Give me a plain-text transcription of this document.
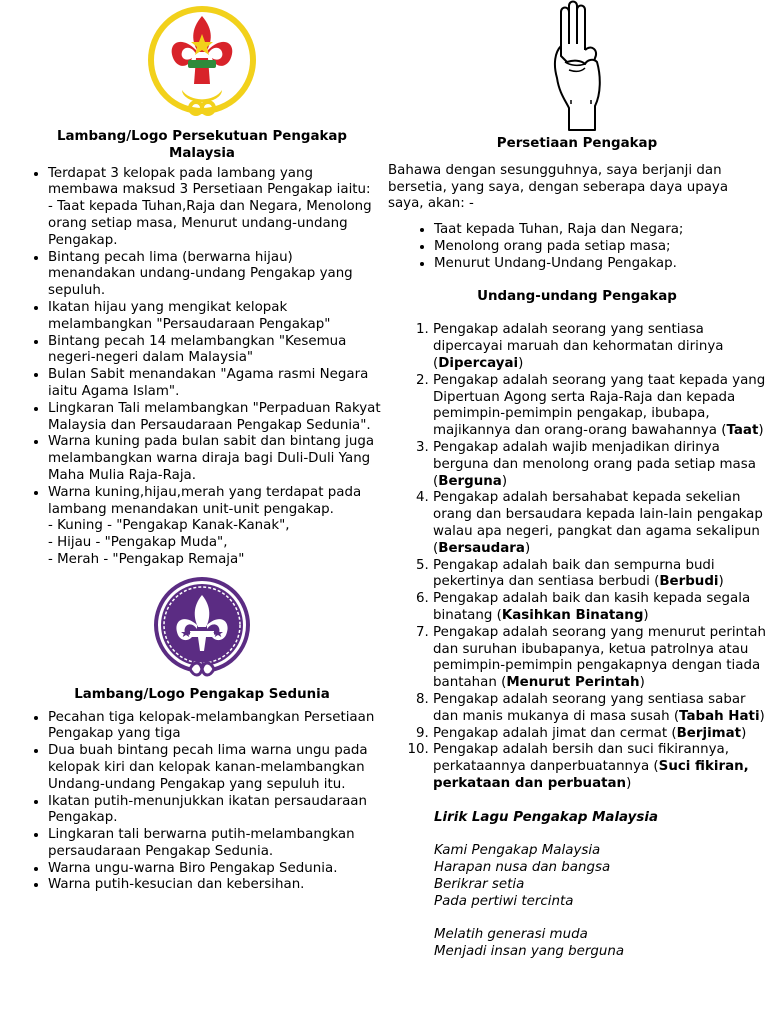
Lambang/Logo Persekutuan Pengakap
Malaysia
• Terdapat 3 kelopak pada lambang yang membawa maksud 3 Persetiaan Pengakap iaitu:
- Taat kepada Tuhan,Raja dan Negara, Menolong orang setiap masa, Menurut undang-undang Pengakap.
• Bintang pecah lima (berwarna hijau) menandakan undang-undang Pengakap yang sepuluh.
• Ikatan hijau yang mengikat kelopak melambangkan "Persaudaraan Pengakap"
• Bintang pecah 14 melambangkan "Kesemua negeri-negeri dalam Malaysia"
• Bulan Sabit menandakan "Agama rasmi Negara iaitu Agama Islam".
• Lingkaran Tali melambangkan "Perpaduan Rakyat Malaysia dan Persaudaraan Pengakap Sedunia".
• Warna kuning pada bulan sabit dan bintang juga melambangkan warna diraja bagi Duli-Duli Yang Maha Mulia Raja-Raja.
• Warna kuning,hijau,merah yang terdapat pada lambang menandakan unit-unit pengakap.
- Kuning - "Pengakap Kanak-Kanak",
- Hijau - "Pengakap Muda",
- Merah - "Pengakap Remaja"
Lambang/Logo Pengakap Sedunia
• Pecahan tiga kelopak-melambangkan Persetiaan Pengakap yang tiga
• Dua buah bintang pecah lima warna ungu pada kelopak kiri dan kelopak kanan-melambangkan Undang-undang Pengakap yang sepuluh itu.
• Ikatan putih-menunjukkan ikatan persaudaraan Pengakap.
• Lingkaran tali berwarna putih-melambangkan persaudaraan Pengakap Sedunia.
• Warna ungu-warna Biro Pengakap Sedunia.
• Warna putih-kesucian dan kebersihan.
Persetiaan Pengakap
Bahawa dengan sesungguhnya, saya berjanji dan bersetia, yang saya, dengan seberapa daya upaya saya, akan: -
• Taat kepada Tuhan, Raja dan Negara;
• Menolong orang pada setiap masa;
• Menurut Undang-Undang Pengakap.
Undang-undang Pengakap
1. Pengakap adalah seorang yang sentiasa dipercayai maruah dan kehormatan dirinya (Dipercayai)
2. Pengakap adalah seorang yang taat kepada yang Dipertuan Agong serta Raja-Raja dan kepada pemimpin-pemimpin pengakap, ibubapa, majikannya dan orang-orang bawahannya (Taat)
3. Pengakap adalah wajib menjadikan dirinya berguna dan menolong orang pada setiap masa (Berguna)
4. Pengakap adalah bersahabat kepada sekelian orang dan bersaudara kepada lain-lain pengakap walau apa negeri, pangkat dan agama sekalipun (Bersaudara)
5. Pengakap adalah baik dan sempurna budi pekertinya dan sentiasa berbudi (Berbudi)
6. Pengakap adalah baik dan kasih kepada segala binatang (Kasihkan Binatang)
7. Pengakap adalah seorang yang menurut perintah dan suruhan ibubapanya, ketua patrolnya atau pemimpin-pemimpin pengakapnya dengan tiada bantahan (Menurut Perintah)
8. Pengakap adalah seorang yang sentiasa sabar dan manis mukanya di masa susah (Tabah Hati)
9. Pengakap adalah jimat dan cermat (Berjimat)
10. Pengakap adalah bersih dan suci fikirannya, perkataannya danperbuatannya (Suci fikiran, perkataan dan perbuatan)
Lirik Lagu Pengakap Malaysia
Kami Pengakap Malaysia
Harapan nusa dan bangsa
Berikrar setia
Pada pertiwi tercinta
Melatih generasi muda
Menjadi insan yang berguna
